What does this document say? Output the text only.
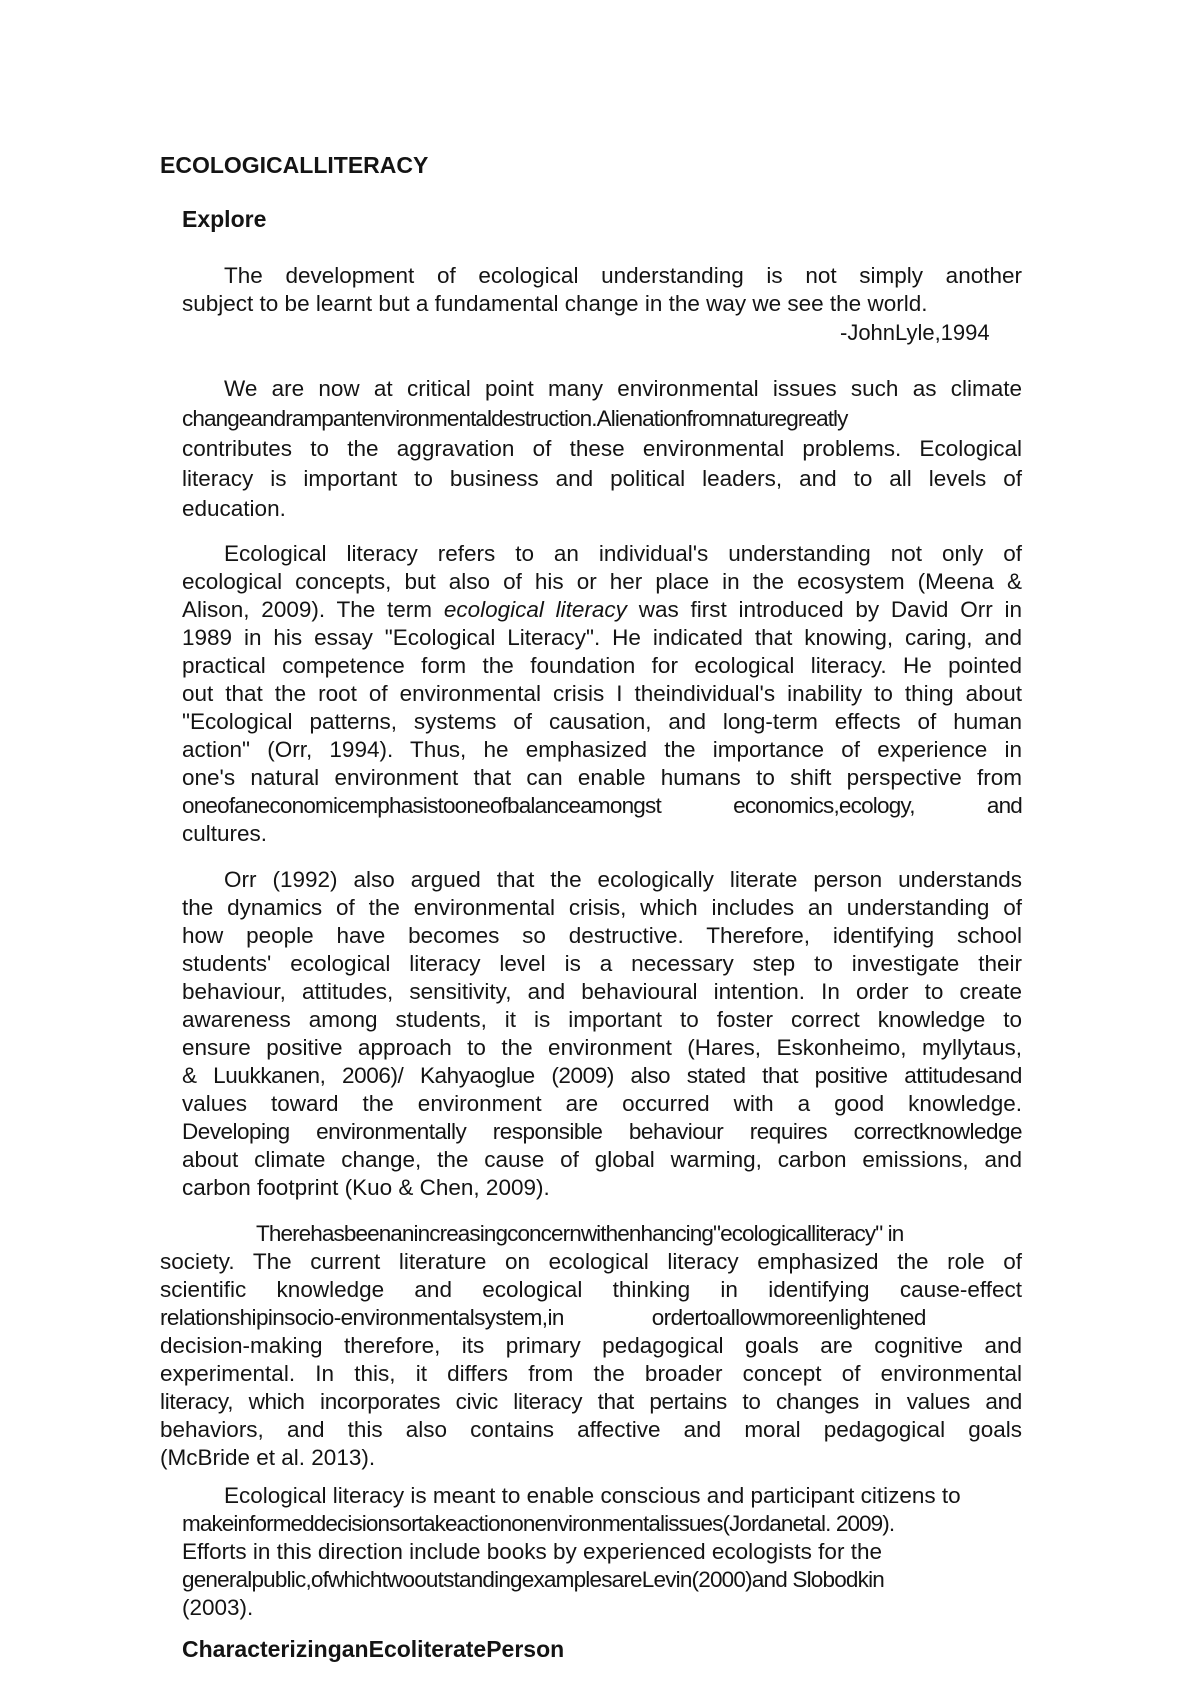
ECOLOGICALLITERACY
Explore
The development of ecological understanding is not simply another
subject to be learnt but a fundamental change in the way we see the world.
-JohnLyle,1994
We are now at critical point many environmental issues such as climate
changeandrampantenvironmentaldestruction.Alienationfromnaturegreatly
contributes to the aggravation of these environmental problems. Ecological
literacy is important to business and political leaders, and to all levels of
education.
Ecological literacy refers to an individual's understanding not only of
ecological concepts, but also of his or her place in the ecosystem (Meena &
Alison, 2009). The term ecological literacy was first introduced by David Orr in
1989 in his essay "Ecological Literacy". He indicated that knowing, caring, and
practical competence form the foundation for ecological literacy. He pointed
out that the root of environmental crisis I theindividual's inability to thing about
"Ecological patterns, systems of causation, and long-term effects of human
action" (Orr, 1994). Thus, he emphasized the importance of experience in
one's natural environment that can enable humans to shift perspective from
oneofaneconomicemphasistooneofbalanceamongst economics,ecology, and
cultures.
Orr (1992) also argued that the ecologically literate person understands
the dynamics of the environmental crisis, which includes an understanding of
how people have becomes so destructive. Therefore, identifying school
students' ecological literacy level is a necessary step to investigate their
behaviour, attitudes, sensitivity, and behavioural intention. In order to create
awareness among students, it is important to foster correct knowledge to
ensure positive approach to the environment (Hares, Eskonheimo, myllytaus,
& Luukkanen, 2006)/ Kahyaoglue (2009) also stated that positive attitudesand
values toward the environment are occurred with a good knowledge.
Developing environmentally responsible behaviour requires correctknowledge
about climate change, the cause of global warming, carbon emissions, and
carbon footprint (Kuo & Chen, 2009).
Therehasbeenanincreasingconcernwithenhancing"ecologicalliteracy" in
society. The current literature on ecological literacy emphasized the role of
scientific knowledge and ecological thinking in identifying cause-effect
relationshipinsocio-environmentalsystem,in	ordertoallowmoreenlightened
decision-making therefore, its primary pedagogical goals are cognitive and
experimental. In this, it differs from the broader concept of environmental
literacy, which incorporates civic literacy that pertains to changes in values and
behaviors, and this also contains affective and moral pedagogical goals
(McBride et al. 2013).
Ecological literacy is meant to enable conscious and participant citizens to
makeinformeddecisionsortakeactiononenvironmentalissues(Jordanetal. 2009).
Efforts in this direction include books by experienced ecologists for the
generalpublic,ofwhichtwooutstandingexamplesareLevin(2000)and Slobodkin
(2003).
CharacterizinganEcoliteratePerson
